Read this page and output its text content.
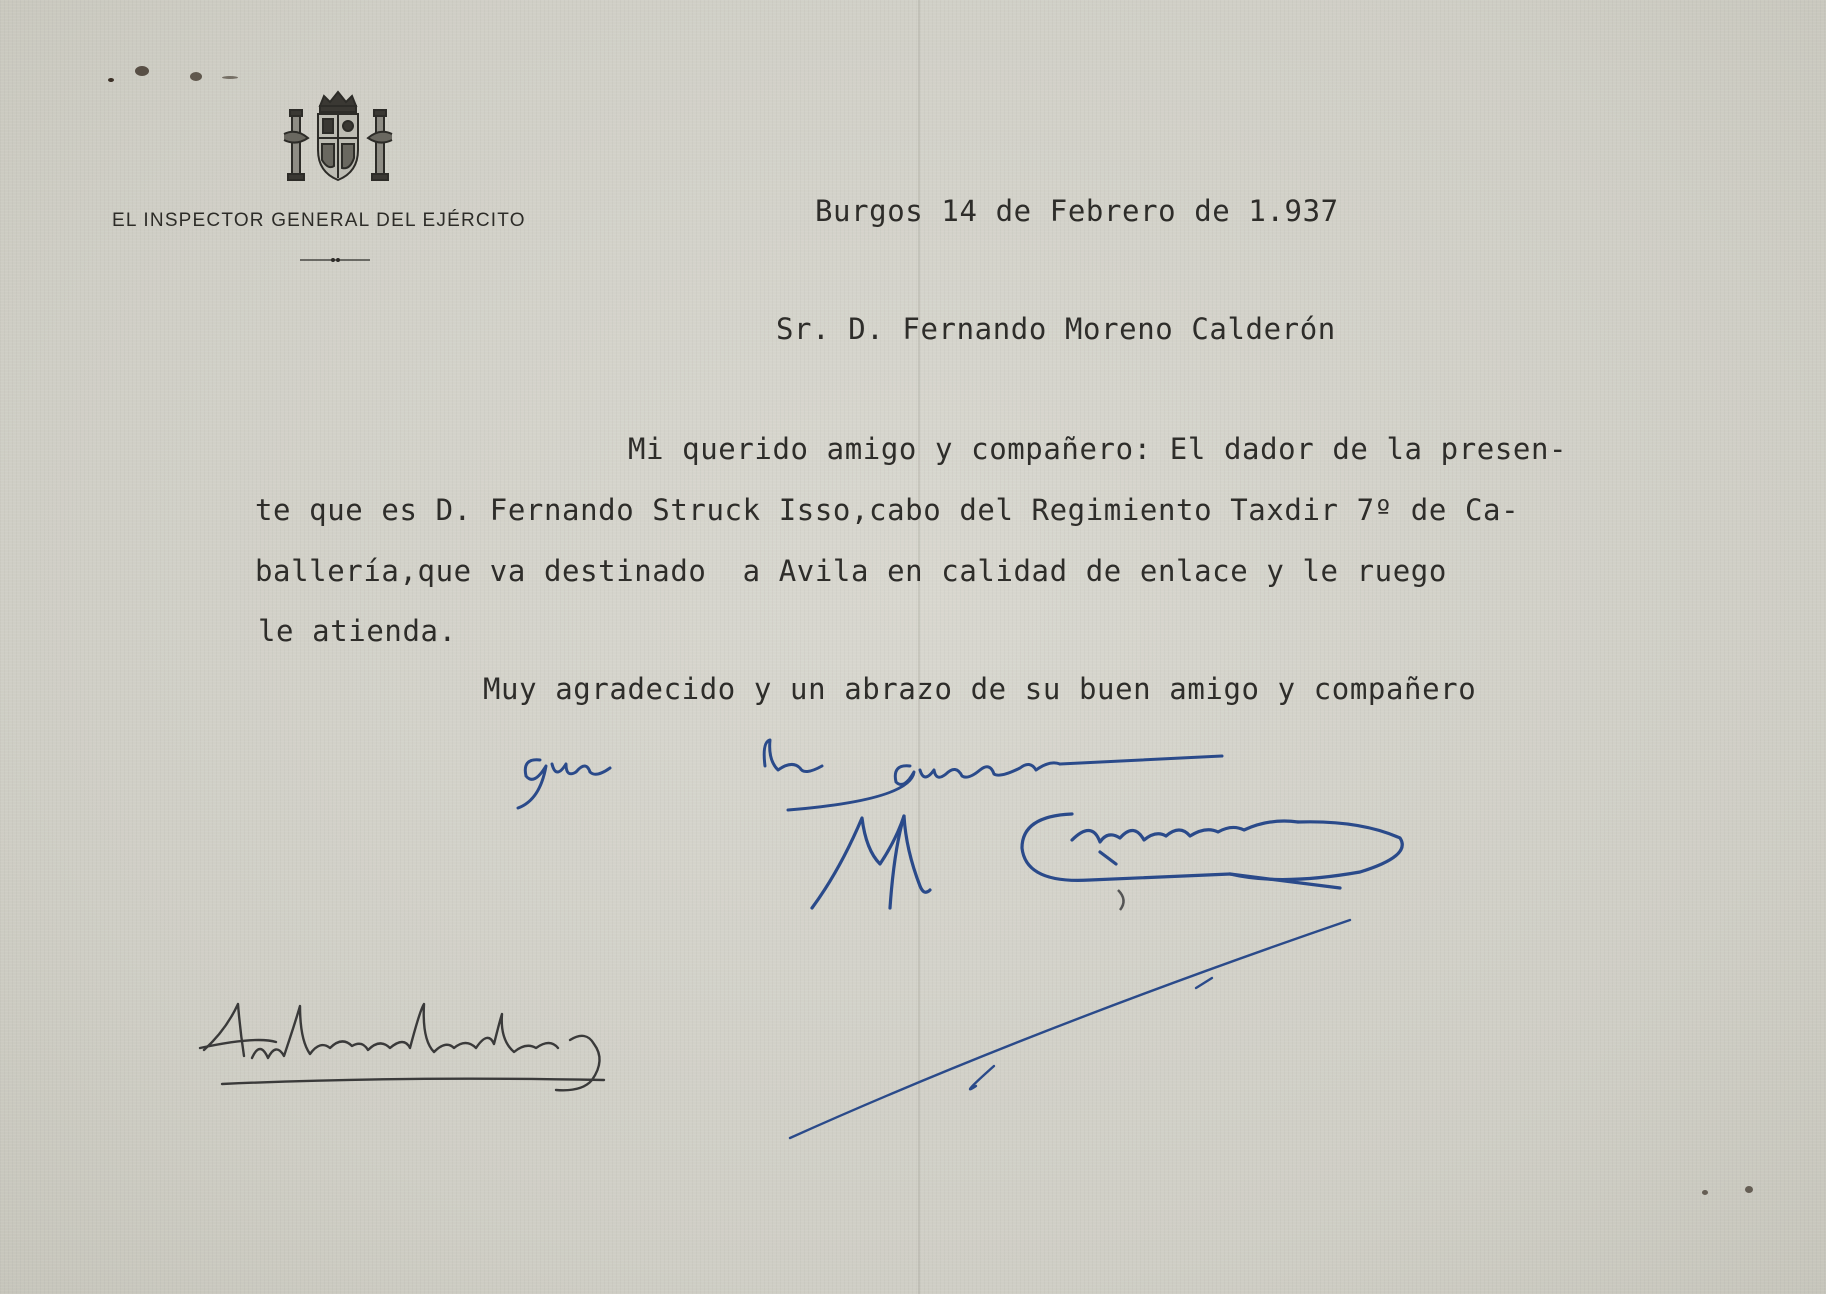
EL INSPECTOR GENERAL DEL EJÉRCITO	Burgos 14 de Febrero de 1.937
Sr. D. Fernando Moreno Calderón
Mi querido amigo y compañero: El dador de la presen-
te que es D. Fernando Struck Isso,cabo del Regimiento Taxdir 7º de Ca-
ballería,que va destinado  a Avila en calidad de enlace y le ruego
le atienda.
Muy agradecido y un abrazo de su buen amigo y compañero
